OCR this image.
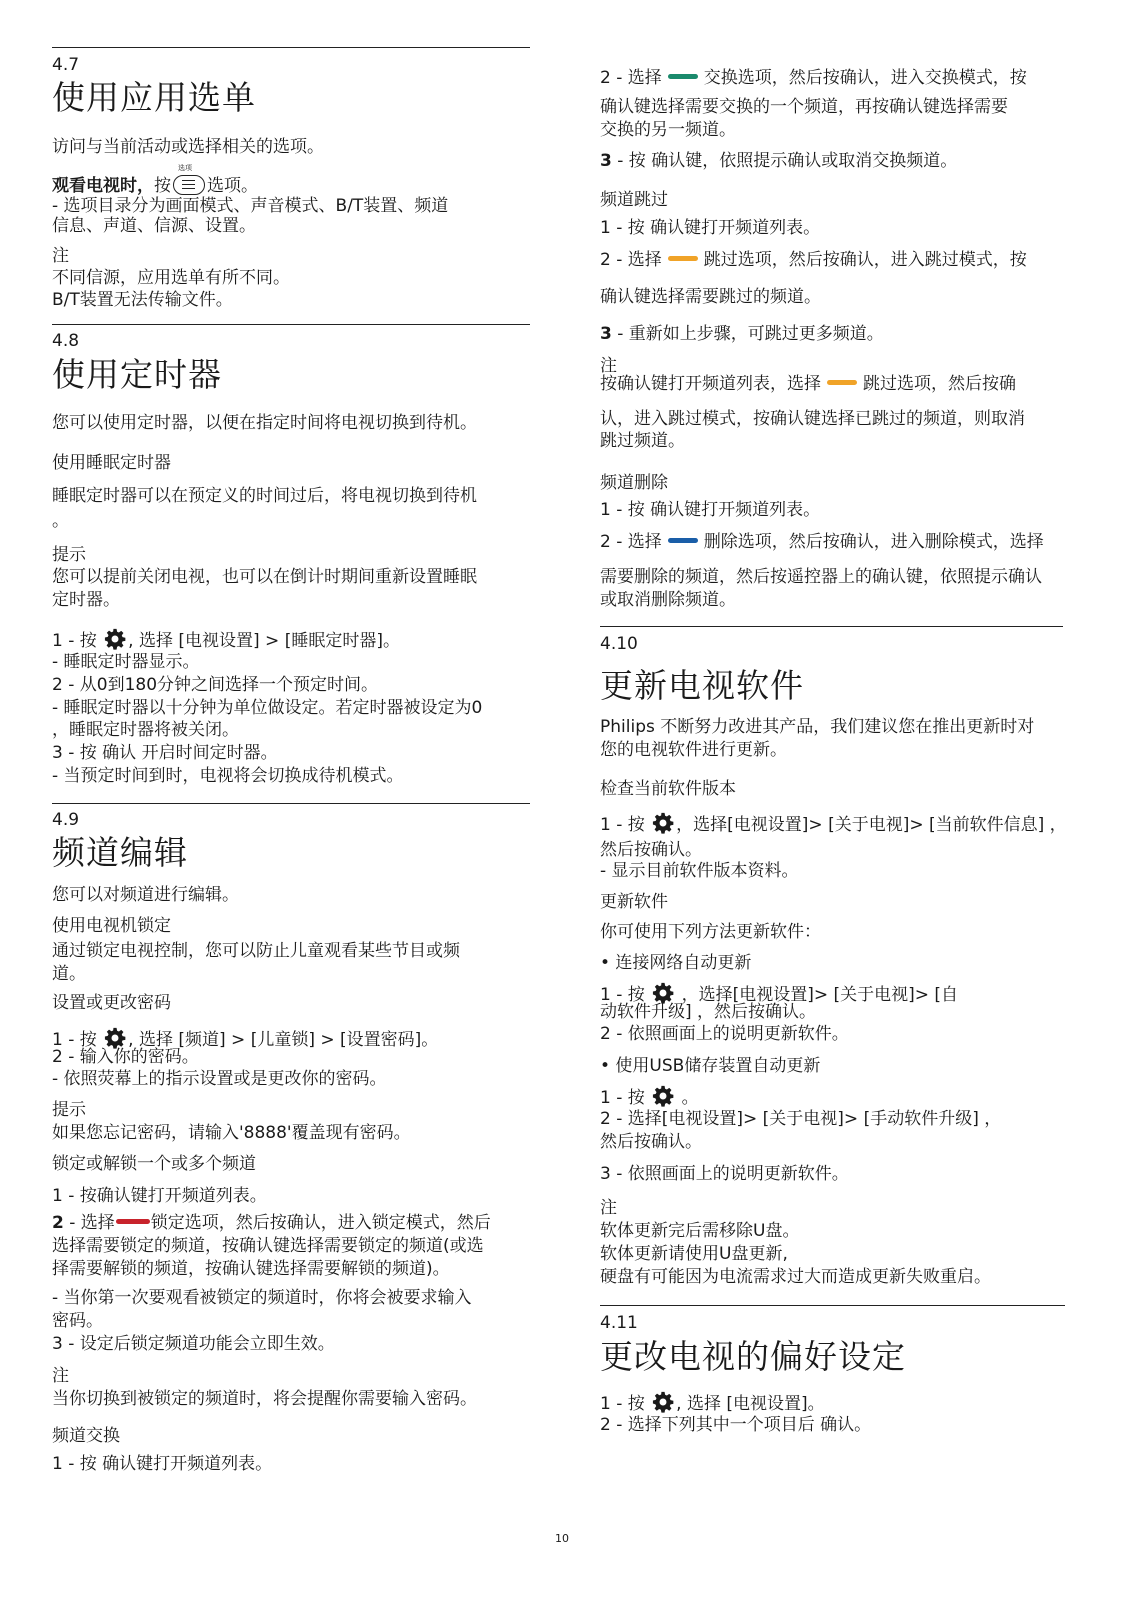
4.7
使用应用选单
访问与当前活动或选择相关的选项。
观看电视时，按
选项
选项。
- 选项目录分为画面模式、声音模式、B/T装置、频道
信息、声道、信源、设置。
注
不同信源，应用选单有所不同。
B/T装置无法传输文件。
4.8
使用定时器
您可以使用定时器，以便在指定时间将电视切换到待机。
使用睡眠定时器
睡眠定时器可以在预定义的时间过后，将电视切换到待机
。
提示
您可以提前关闭电视，也可以在倒计时期间重新设置睡眠
定时器。
1 - 按 , 选择 [电视设置] > [睡眠定时器]。
- 睡眠定时器显示。
2 - 从0到180分钟之间选择一个预定时间。
- 睡眠定时器以十分钟为单位做设定。若定时器被设定为0
，睡眠定时器将被关闭。
3 - 按 确认 开启时间定时器。
- 当预定时间到时，电视将会切换成待机模式。
4.9
频道编辑
您可以对频道进行编辑。
使用电视机锁定
通过锁定电视控制，您可以防止儿童观看某些节目或频
道。
设置或更改密码
1 - 按 , 选择 [频道] > [儿童锁] > [设置密码]。
2 - 输入你的密码。
- 依照荧幕上的指示设置或是更改你的密码。
提示
如果您忘记密码，请输入'8888'覆盖现有密码。
锁定或解锁一个或多个频道
1 - 按确认键打开频道列表。
2 - 选择 锁定选项，然后按确认，进入锁定模式，然后
选择需要锁定的频道，按确认键选择需要锁定的频道(或选
择需要解锁的频道，按确认键选择需要解锁的频道)。
- 当你第一次要观看被锁定的频道时，你将会被要求输入
密码。
3 - 设定后锁定频道功能会立即生效。
注
当你切换到被锁定的频道时，将会提醒你需要输入密码。
频道交换
1 - 按 确认键打开频道列表。
2 - 选择 交换选项，然后按确认，进入交换模式，按
确认键选择需要交换的一个频道，再按确认键选择需要
交换的另一频道。
3 - 按 确认键，依照提示确认或取消交换频道。
频道跳过
1 - 按 确认键打开频道列表。
2 - 选择 跳过选项，然后按确认，进入跳过模式，按
确认键选择需要跳过的频道。
3 - 重新如上步骤，可跳过更多频道。
注
按确认键打开频道列表，选择 跳过选项，然后按确
认，进入跳过模式，按确认键选择已跳过的频道，则取消
跳过频道。
频道删除
1 - 按 确认键打开频道列表。
2 - 选择 删除选项，然后按确认，进入删除模式，选择
需要删除的频道，然后按遥控器上的确认键，依照提示确认
或取消删除频道。
4.10
更新电视软件
Philips 不断努力改进其产品，我们建议您在推出更新时对
您的电视软件进行更新。
检查当前软件版本
1 - 按 ，选择[电视设置]> [关于电视]> [当前软件信息] ，
然后按确认。
- 显示目前软件版本资料。
更新软件
你可使用下列方法更新软件：
• 连接网络自动更新
1 - 按  ，选择[电视设置]> [关于电视]> [自
动软件升级] ，然后按确认。
2 - 依照画面上的说明更新软件。
• 使用USB储存装置自动更新
1 - 按  。
2 - 选择[电视设置]> [关于电视]> [手动软件升级] ，
然后按确认。
3 - 依照画面上的说明更新软件。
注
软体更新完后需移除U盘。
软体更新请使用U盘更新,
硬盘有可能因为电流需求过大而造成更新失败重启。
4.11
更改电视的偏好设定
1 - 按 , 选择 [电视设置]。
2 - 选择下列其中一个项目后 确认。
10
